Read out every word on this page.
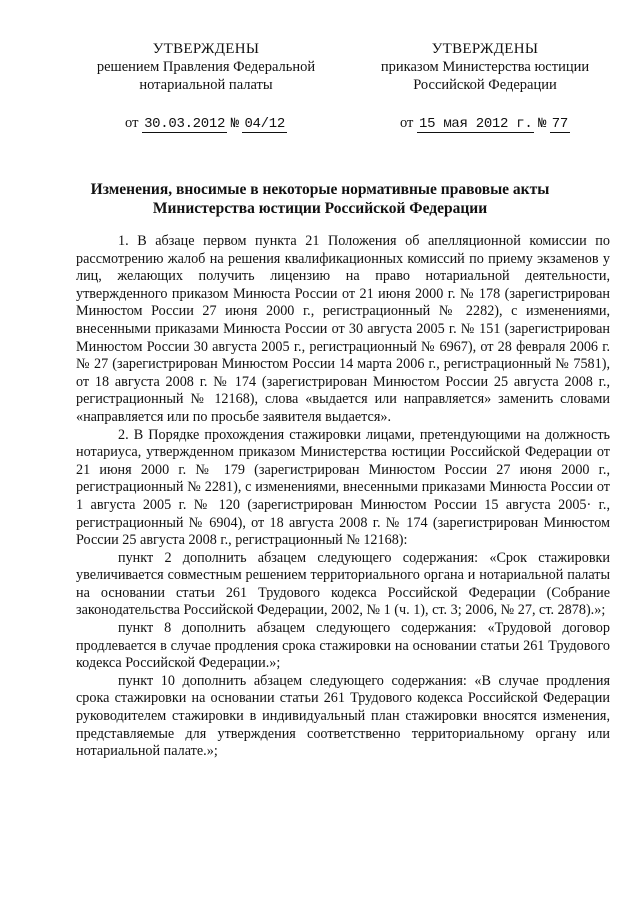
УТВЕРЖДЕНЫ
решением Правления Федеральной
нотариальной палаты
от 30.03.2012 № 04/12
УТВЕРЖДЕНЫ
приказом Министерства юстиции
Российской Федерации
от 15 мая 2012 г. № 77
Изменения, вносимые в некоторые нормативные правовые акты
Министерства юстиции Российской Федерации

1. В абзаце первом пункта 21 Положения об апелляционной комиссии по рассмотрению жалоб на решения квалификационных комиссий по приему экзаменов у лиц, желающих получить лицензию на право нотариальной деятельности, утвержденного приказом Минюста России от 21 июня 2000 г. № 178 (зарегистрирован Минюстом России 27 июня 2000 г., регистрационный № 2282), с изменениями, внесенными приказами Минюста России от 30 августа 2005 г. № 151 (зарегистрирован Минюстом России 30 августа 2005 г., регистрационный № 6967), от 28 февраля 2006 г. № 27 (зарегистрирован Минюстом России 14 марта 2006 г., регистрационный № 7581), от 18 августа 2008 г. № 174 (зарегистрирован Минюстом России 25 августа 2008 г., регистрационный № 12168), слова «выдается или направляется» заменить словами «направляется или по просьбе заявителя выдается».

2. В Порядке прохождения стажировки лицами, претендующими на должность нотариуса, утвержденном приказом Министерства юстиции Российской Федерации от 21 июня 2000 г. № 179 (зарегистрирован Минюстом России 27 июня 2000 г., регистрационный № 2281), с изменениями, внесенными приказами Минюста России от 1 августа 2005 г. № 120 (зарегистрирован Минюстом России 15 августа 2005· г., регистрационный № 6904), от 18 августа 2008 г. № 174 (зарегистрирован Минюстом России 25 августа 2008 г., регистрационный № 12168):

пункт 2 дополнить абзацем следующего содержания: «Срок стажировки увеличивается совместным решением территориального органа и нотариальной палаты на основании статьи 261 Трудового кодекса Российской Федерации (Собрание законодательства Российской Федерации, 2002, № 1 (ч. 1), ст. 3; 2006, № 27, ст. 2878).»;

пункт 8 дополнить абзацем следующего содержания: «Трудовой договор продлевается в случае продления срока стажировки на основании статьи 261 Трудового кодекса Российской Федерации.»;

пункт 10 дополнить абзацем следующего содержания: «В случае продления срока стажировки на основании статьи 261 Трудового кодекса Российской Федерации руководителем стажировки в индивидуальный план стажировки вносятся изменения, представляемые для утверждения соответственно территориальному органу или нотариальной палате.»;
